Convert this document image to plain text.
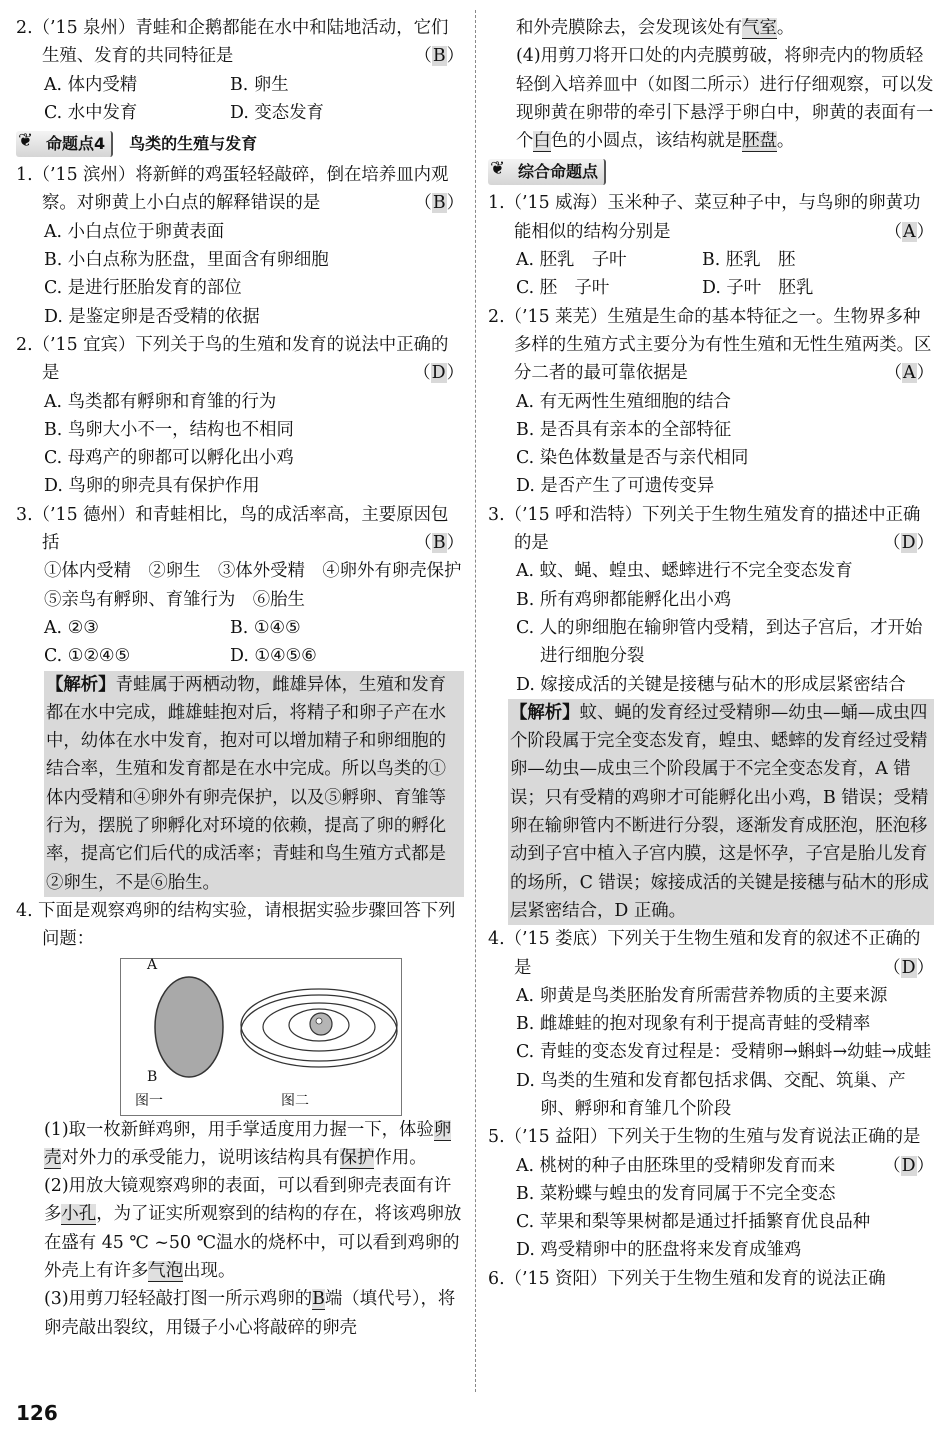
2.（’15 泉州）青蛙和企鹅都能在水中和陆地活动，它们生殖、发育的共同特征是	（B）
A. 体内受精	B. 卵生
C. 水中发育	D. 变态发育
❦ 命题点4 鸟类的生殖与发育
1.（’15 滨州）将新鲜的鸡蛋轻轻敲碎，倒在培养皿内观察。对卵黄上小白点的解释错误的是	（B）
A. 小白点位于卵黄表面
B. 小白点称为胚盘，里面含有卵细胞
C. 是进行胚胎发育的部位
D. 是鉴定卵是否受精的依据
2.（’15 宜宾）下列关于鸟的生殖和发育的说法中正确的是	（D）
A. 鸟类都有孵卵和育雏的行为
B. 鸟卵大小不一，结构也不相同
C. 母鸡产的卵都可以孵化出小鸡
D. 鸟卵的卵壳具有保护作用
3.（’15 德州）和青蛙相比，鸟的成活率高，主要原因包括	（B）
①体内受精　②卵生　③体外受精　④卵外有卵壳保护　⑤亲鸟有孵卵、育雏行为　⑥胎生
A. ②③	B. ①④⑤
C. ①②④⑤	D. ①④⑤⑥
【解析】青蛙属于两栖动物，雌雄异体，生殖和发育都在水中完成，雌雄蛙抱对后，将精子和卵子产在水中，幼体在水中发育，抱对可以增加精子和卵细胞的结合率，生殖和发育都是在水中完成。所以鸟类的①体内受精和④卵外有卵壳保护，以及⑤孵卵、育雏等行为，摆脱了卵孵化对环境的依赖，提高了卵的孵化率，提高它们后代的成活率；青蛙和鸟生殖方式都是②卵生，不是⑥胎生。
4. 下面是观察鸡卵的结构实验，请根据实验步骤回答下列问题：
A
B
图一	图二
(1)取一枚新鲜鸡卵，用手掌适度用力握一下，体验卵壳对外力的承受能力，说明该结构具有保护作用。
(2)用放大镜观察鸡卵的表面，可以看到卵壳表面有许多小孔，为了证实所观察到的结构的存在，将该鸡卵放在盛有 45 ℃ ~50 ℃温水的烧杯中，可以看到鸡卵的外壳上有许多气泡出现。
(3)用剪刀轻轻敲打图一所示鸡卵的B端（填代号），将卵壳敲出裂纹，用镊子小心将敲碎的卵壳
和外壳膜除去，会发现该处有气室。
(4)用剪刀将开口处的内壳膜剪破，将卵壳内的物质轻轻倒入培养皿中（如图二所示）进行仔细观察，可以发现卵黄在卵带的牵引下悬浮于卵白中，卵黄的表面有一个白色的小圆点，该结构就是胚盘。
❦ 综合命题点
1.（’15 威海）玉米种子、菜豆种子中，与鸟卵的卵黄功能相似的结构分别是	（A）
A. 胚乳　子叶	B. 胚乳　胚
C. 胚　子叶	D. 子叶　胚乳
2.（’15 莱芜）生殖是生命的基本特征之一。生物界多种多样的生殖方式主要分为有性生殖和无性生殖两类。区分二者的最可靠依据是	（A）
A. 有无两性生殖细胞的结合
B. 是否具有亲本的全部特征
C. 染色体数量是否与亲代相同
D. 是否产生了可遗传变异
3.（’15 呼和浩特）下列关于生物生殖发育的描述中正确的是	（D）
A. 蚊、蝇、蝗虫、蟋蟀进行不完全变态发育
B. 所有鸡卵都能孵化出小鸡
C. 人的卵细胞在输卵管内受精，到达子宫后，才开始进行细胞分裂
D. 嫁接成活的关键是接穗与砧木的形成层紧密结合
【解析】蚊、蝇的发育经过受精卵—幼虫—蛹—成虫四个阶段属于完全变态发育，蝗虫、蟋蟀的发育经过受精卵—幼虫—成虫三个阶段属于不完全变态发育，A 错误；只有受精的鸡卵才可能孵化出小鸡，B 错误；受精卵在输卵管内不断进行分裂，逐渐发育成胚泡，胚泡移动到子宫中植入子宫内膜，这是怀孕，子宫是胎儿发育的场所，C 错误；嫁接成活的关键是接穗与砧木的形成层紧密结合，D 正确。
4.（’15 娄底）下列关于生物生殖和发育的叙述不正确的是	（D）
A. 卵黄是鸟类胚胎发育所需营养物质的主要来源
B. 雌雄蛙的抱对现象有利于提高青蛙的受精率
C. 青蛙的变态发育过程是：受精卵→蝌蚪→幼蛙→成蛙
D. 鸟类的生殖和发育都包括求偶、交配、筑巢、产卵、孵卵和育雏几个阶段
5.（’15 益阳）下列关于生物的生殖与发育说法正确的是
（D）
A. 桃树的种子由胚珠里的受精卵发育而来
B. 菜粉蝶与蝗虫的发育同属于不完全变态
C. 苹果和梨等果树都是通过扦插繁育优良品种
D. 鸡受精卵中的胚盘将来发育成雏鸡
6.（’15 资阳）下列关于生物生殖和发育的说法正确
126
